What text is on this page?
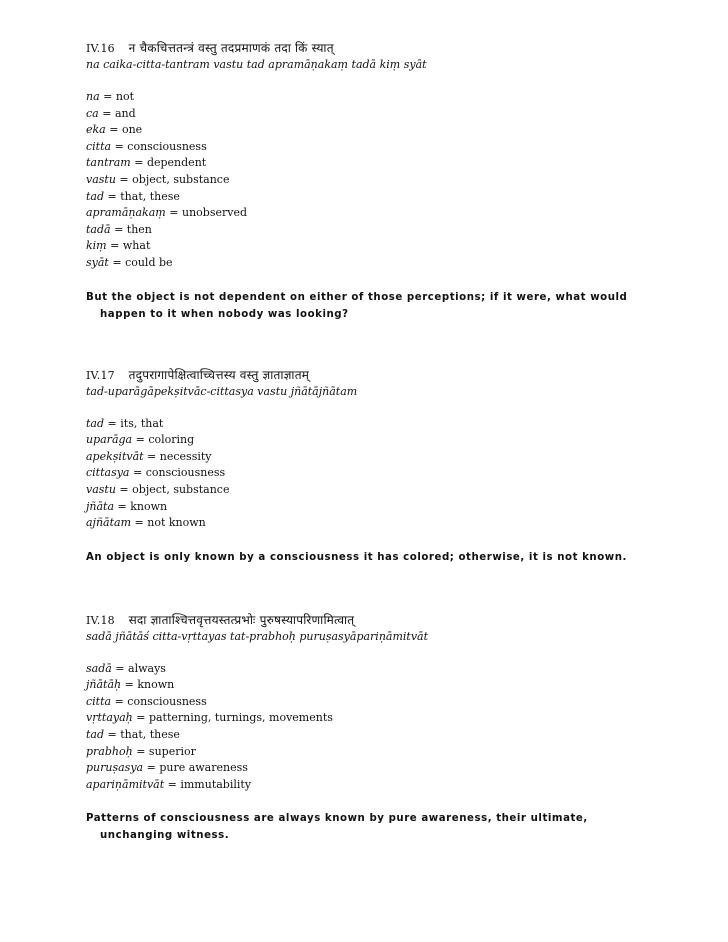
IV.16 न चैकचित्ततन्त्रं वस्तु तदप्रमाणकं तदा किं स्यात्
na caika-citta-tantram vastu tad apramāṇakaṃ tadā kiṃ syāt
na = not
ca = and
eka = one
citta = consciousness
tantram = dependent
vastu = object, substance
tad = that, these
apramāṇakaṃ = unobserved
tadā = then
kiṃ = what
syāt = could be
But the object is not dependent on either of those perceptions; if it were, what would happen to it when nobody was looking?
IV.17 तदुपरागापेक्षित्वाच्चित्तस्य वस्तु ज्ञाताज्ञातम्
tad-uparāgāpekṣitvāc-cittasya vastu jñātājñātam
tad = its, that
uparāga = coloring
apekṣitvāt = necessity
cittasya = consciousness
vastu = object, substance
jñāta = known
ajñātam = not known
An object is only known by a consciousness it has colored; otherwise, it is not known.
IV.18 सदा ज्ञाताश्चित्तवृत्तयस्तत्प्रभोः पुरुषस्यापरिणामित्वात्
sadā jñātāś citta-vṛttayas tat-prabhoḥ puruṣasyāpariṇāmitvāt
sadā = always
jñātāḥ = known
citta = consciousness
vṛttayaḥ = patterning, turnings, movements
tad = that, these
prabhoḥ = superior
puruṣasya = pure awareness
apariṇāmitvāt = immutability
Patterns of consciousness are always known by pure awareness, their ultimate, unchanging witness.
